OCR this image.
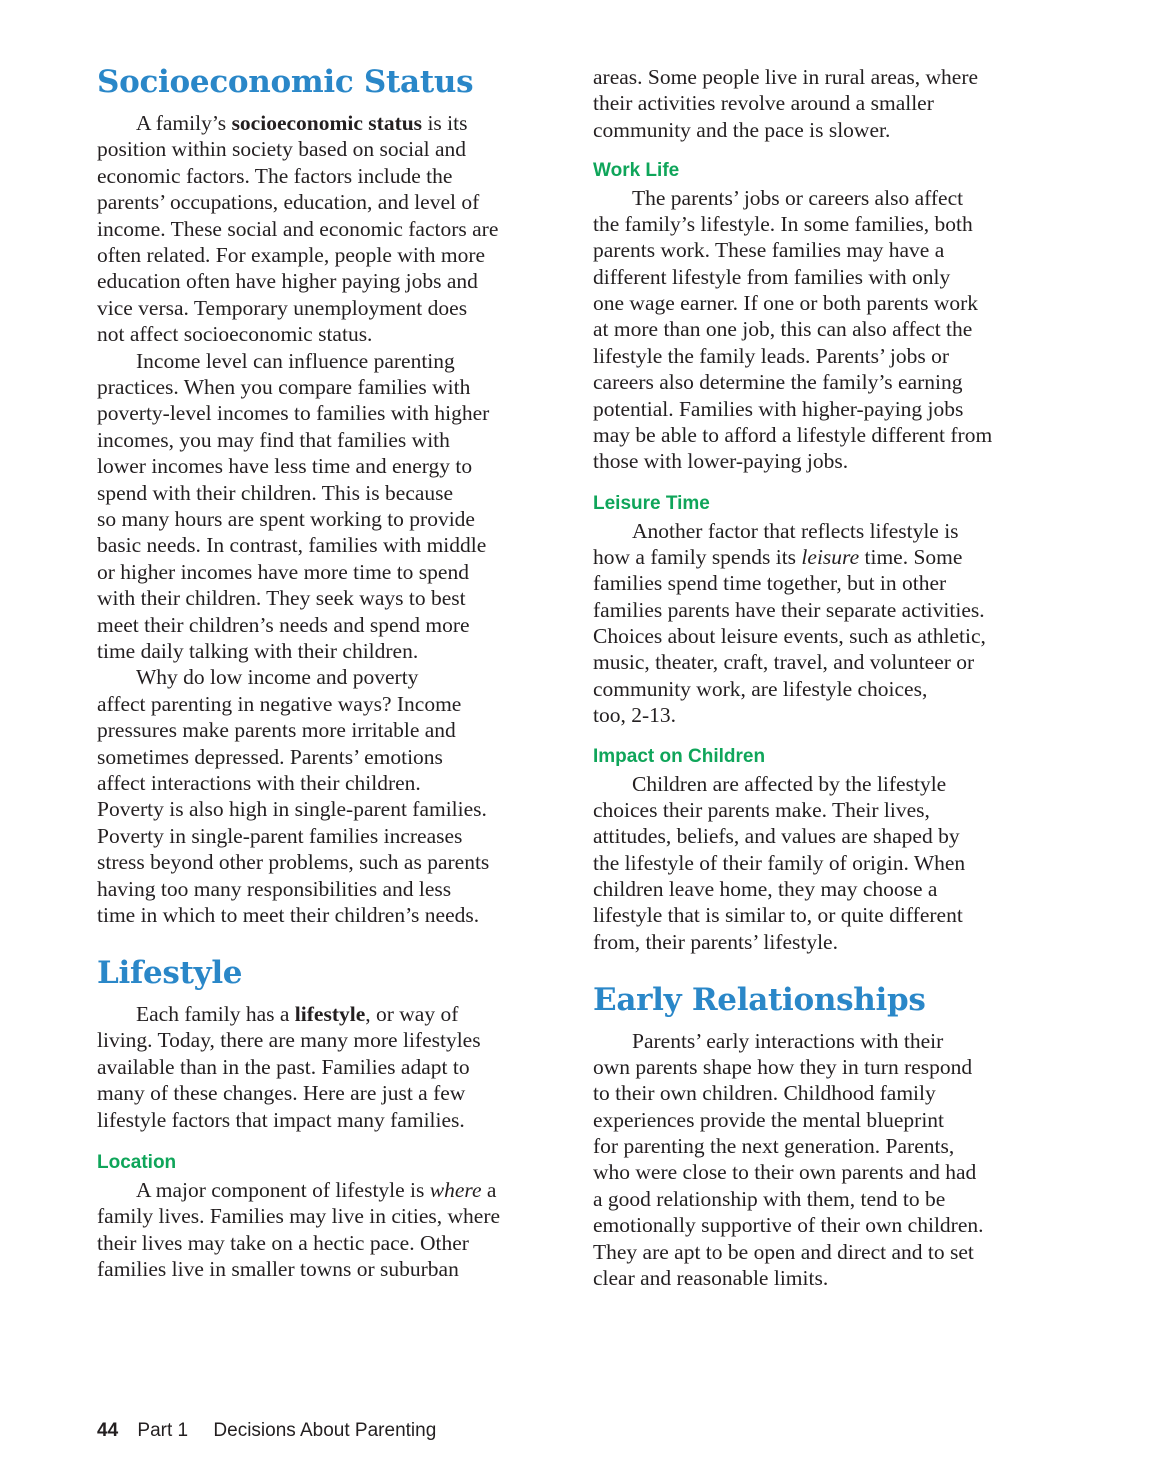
Socioeconomic Status
A family’s socioeconomic status is its
position within society based on social and
economic factors. The factors include the
parents’ occupations, education, and level of
income. These social and economic factors are
often related. For example, people with more
education often have higher paying jobs and
vice versa. Temporary unemployment does
not affect socioeconomic status.
Income level can influence parenting
practices. When you compare families with
poverty-level incomes to families with higher
incomes, you may find that families with
lower incomes have less time and energy to
spend with their children. This is because
so many hours are spent working to provide
basic needs. In contrast, families with middle
or higher incomes have more time to spend
with their children. They seek ways to best
meet their children’s needs and spend more
time daily talking with their children.
Why do low income and poverty
affect parenting in negative ways? Income
pressures make parents more irritable and
sometimes depressed. Parents’ emotions
affect interactions with their children.
Poverty is also high in single-parent families.
Poverty in single-parent families increases
stress beyond other problems, such as parents
having too many responsibilities and less
time in which to meet their children’s needs.
Lifestyle
Each family has a lifestyle, or way of
living. Today, there are many more lifestyles
available than in the past. Families adapt to
many of these changes. Here are just a few
lifestyle factors that impact many families.
Location
A major component of lifestyle is where a
family lives. Families may live in cities, where
their lives may take on a hectic pace. Other
families live in smaller towns or suburban
areas. Some people live in rural areas, where
their activities revolve around a smaller
community and the pace is slower.
Work Life
The parents’ jobs or careers also affect
the family’s lifestyle. In some families, both
parents work. These families may have a
different lifestyle from families with only
one wage earner. If one or both parents work
at more than one job, this can also affect the
lifestyle the family leads. Parents’ jobs or
careers also determine the family’s earning
potential. Families with higher-paying jobs
may be able to afford a lifestyle different from
those with lower-paying jobs.
Leisure Time
Another factor that reflects lifestyle is
how a family spends its leisure time. Some
families spend time together, but in other
families parents have their separate activities.
Choices about leisure events, such as athletic,
music, theater, craft, travel, and volunteer or
community work, are lifestyle choices,
too, 2-13.
Impact on Children
Children are affected by the lifestyle
choices their parents make. Their lives,
attitudes, beliefs, and values are shaped by
the lifestyle of their family of origin. When
children leave home, they may choose a
lifestyle that is similar to, or quite different
from, their parents’ lifestyle.
Early Relationships
Parents’ early interactions with their
own parents shape how they in turn respond
to their own children. Childhood family
experiences provide the mental blueprint
for parenting the next generation. Parents,
who were close to their own parents and had
a good relationship with them, tend to be
emotionally supportive of their own children.
They are apt to be open and direct and to set
clear and reasonable limits.
44 Part 1 Decisions About Parenting
